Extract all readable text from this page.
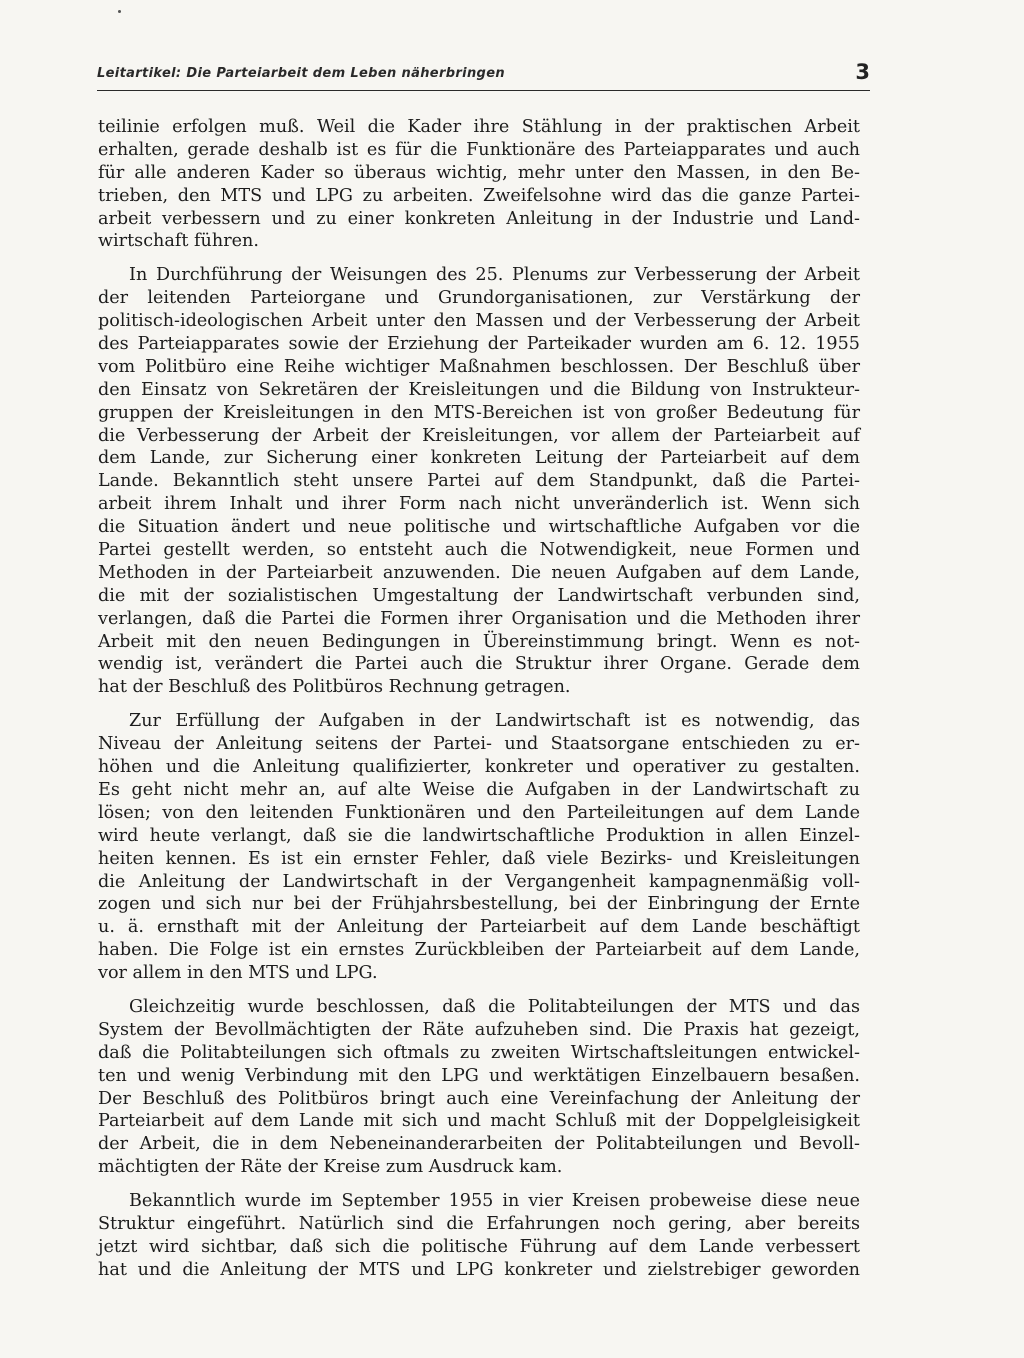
Leitartikel: Die Parteiarbeit dem Leben näherbringen	3
teilinie erfolgen muß. Weil die Kader ihre Stählung in der praktischen Arbeit
erhalten, gerade deshalb ist es für die Funktionäre des Parteiapparates und auch
für alle anderen Kader so überaus wichtig, mehr unter den Massen, in den Be-
trieben, den MTS und LPG zu arbeiten. Zweifelsohne wird das die ganze Partei-
arbeit verbessern und zu einer konkreten Anleitung in der Industrie und Land-
wirtschaft führen.
In Durchführung der Weisungen des 25. Plenums zur Verbesserung der Arbeit
der leitenden Parteiorgane und Grundorganisationen, zur Verstärkung der
politisch-ideologischen Arbeit unter den Massen und der Verbesserung der Arbeit
des Parteiapparates sowie der Erziehung der Parteikader wurden am 6. 12. 1955
vom Politbüro eine Reihe wichtiger Maßnahmen beschlossen. Der Beschluß über
den Einsatz von Sekretären der Kreisleitungen und die Bildung von Instrukteur-
gruppen der Kreisleitungen in den MTS-Bereichen ist von großer Bedeutung für
die Verbesserung der Arbeit der Kreisleitungen, vor allem der Parteiarbeit auf
dem Lande, zur Sicherung einer konkreten Leitung der Parteiarbeit auf dem
Lande. Bekanntlich steht unsere Partei auf dem Standpunkt, daß die Partei-
arbeit ihrem Inhalt und ihrer Form nach nicht unveränderlich ist. Wenn sich
die Situation ändert und neue politische und wirtschaftliche Aufgaben vor die
Partei gestellt werden, so entsteht auch die Notwendigkeit, neue Formen und
Methoden in der Parteiarbeit anzuwenden. Die neuen Aufgaben auf dem Lande,
die mit der sozialistischen Umgestaltung der Landwirtschaft verbunden sind,
verlangen, daß die Partei die Formen ihrer Organisation und die Methoden ihrer
Arbeit mit den neuen Bedingungen in Übereinstimmung bringt. Wenn es not-
wendig ist, verändert die Partei auch die Struktur ihrer Organe. Gerade dem
hat der Beschluß des Politbüros Rechnung getragen.
Zur Erfüllung der Aufgaben in der Landwirtschaft ist es notwendig, das
Niveau der Anleitung seitens der Partei- und Staatsorgane entschieden zu er-
höhen und die Anleitung qualifizierter, konkreter und operativer zu gestalten.
Es geht nicht mehr an, auf alte Weise die Aufgaben in der Landwirtschaft zu
lösen; von den leitenden Funktionären und den Parteileitungen auf dem Lande
wird heute verlangt, daß sie die landwirtschaftliche Produktion in allen Einzel-
heiten kennen. Es ist ein ernster Fehler, daß viele Bezirks- und Kreisleitungen
die Anleitung der Landwirtschaft in der Vergangenheit kampagnenmäßig voll-
zogen und sich nur bei der Frühjahrsbestellung, bei der Einbringung der Ernte
u. ä. ernsthaft mit der Anleitung der Parteiarbeit auf dem Lande beschäftigt
haben. Die Folge ist ein ernstes Zurückbleiben der Parteiarbeit auf dem Lande,
vor allem in den MTS und LPG.
Gleichzeitig wurde beschlossen, daß die Politabteilungen der MTS und das
System der Bevollmächtigten der Räte aufzuheben sind. Die Praxis hat gezeigt,
daß die Politabteilungen sich oftmals zu zweiten Wirtschaftsleitungen entwickel-
ten und wenig Verbindung mit den LPG und werktätigen Einzelbauern besaßen.
Der Beschluß des Politbüros bringt auch eine Vereinfachung der Anleitung der
Parteiarbeit auf dem Lande mit sich und macht Schluß mit der Doppelgleisigkeit
der Arbeit, die in dem Nebeneinanderarbeiten der Politabteilungen und Bevoll-
mächtigten der Räte der Kreise zum Ausdruck kam.
Bekanntlich wurde im September 1955 in vier Kreisen probeweise diese neue
Struktur eingeführt. Natürlich sind die Erfahrungen noch gering, aber bereits
jetzt wird sichtbar, daß sich die politische Führung auf dem Lande verbessert
hat und die Anleitung der MTS und LPG konkreter und zielstrebiger geworden
